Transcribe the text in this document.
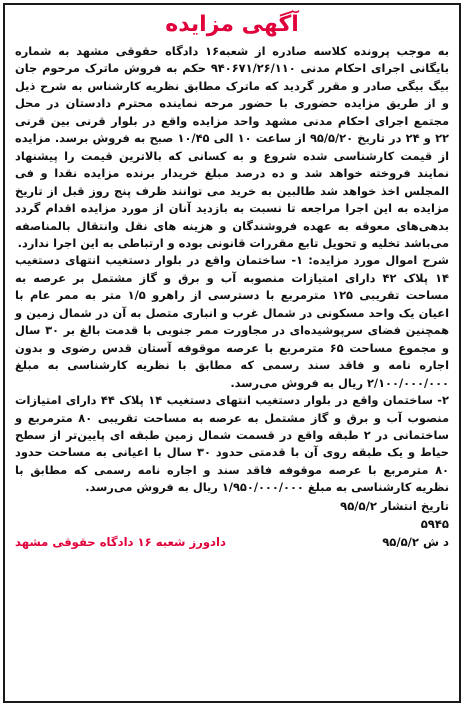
آگهی مزایده

به موجب پرونده کلاسه صادره از شعبه۱۶ دادگاه حقوقی مشهد به شماره بایگانی اجرای احکام مدنی ۹۴۰۶۷۱/۲۶/۱۱۰ حکم به فروش ماترک مرحوم جان بیگ بیگی صادر و مقرر گردید که ماترک مطابق نظریه کارشناس به شرح ذیل و از طریق مزایده حضوری با حضور مرحه نماینده محترم دادستان در محل مجتمع اجرای احکام مدنی مشهد واحد مزایده واقع در بلوار قرنی بین قرنی ۲۲ و ۲۴ در تاریخ ۹۵/۵/۲۰ از ساعت ۱۰ الی ۱۰/۴۵ صبح به فروش برسد. مزایده از قیمت کارشناسی شده شروع و به کسانی که بالاترین قیمت را پیشنهاد نمایند فروخته خواهد شد و ده درصد مبلغ خریدار برنده مزایده نقدا و فی المجلس اخذ خواهد شد طالبین به خرید می توانند ظرف پنج روز قبل از تاریخ مزایده به این اجرا مراجعه تا نسبت به بازدید آنان از مورد مزایده اقدام گردد بدهی‌های معوقه به عهده فروشندگان و هزینه های نقل وانتقال بالمناصفه می‌باشد تخلیه و تحویل تابع مقررات قانونی بوده و ارتباطی به این اجرا ندارد.

شرح اموال مورد مزایده: ۱- ساختمان واقع در بلوار دستغیب انتهای دستغیب ۱۴ پلاک ۴۲ دارای امتیازات منصوبه آب و برق و گاز مشتمل بر عرصه به مساحت تقریبی ۱۲۵ مترمربع با دسترسی از راهرو ۱/۵ متر به ممر عام با اعیان یک واحد مسکونی در شمال غرب و انباری متصل به آن در شمال زمین و همچنین فضای سرپوشیده‌ای در مجاورت ممر جنوبی با قدمت بالغ بر ۳۰ سال و مجموع مساحت ۶۵ مترمربع با عرصه موقوفه آستان قدس رضوی و بدون اجاره نامه و فاقد سند رسمی که مطابق با نظریه کارشناسی به مبلغ ۲/۱۰۰/۰۰۰/۰۰۰ ریال به فروش می‌رسد.

۲- ساختمان واقع در بلوار دستغیب انتهای دستغیب ۱۴ پلاک ۴۴ دارای امتیازات منصوب آب و برق و گاز مشتمل به عرصه به مساحت تقریبی ۸۰ مترمربع و ساختمانی در ۲ طبقه واقع در قسمت شمال زمین طبقه ای پایین‌تر از سطح حیاط و یک طبقه روی آن با قدمتی حدود ۳۰ سال با اعیانی به مساحت حدود ۸۰ مترمربع با عرصه موقوفه فاقد سند و اجاره نامه رسمی که مطابق با نظریه کارشناسی به مبلغ ۱/۹۵۰/۰۰۰/۰۰۰ ریال به فروش می‌رسد.

تاریخ انتشار ۹۵/۵/۲
۵۹۴۵
د ش ۹۵/۵/۲
دادورز شعبه ۱۶ دادگاه حقوقی مشهد
